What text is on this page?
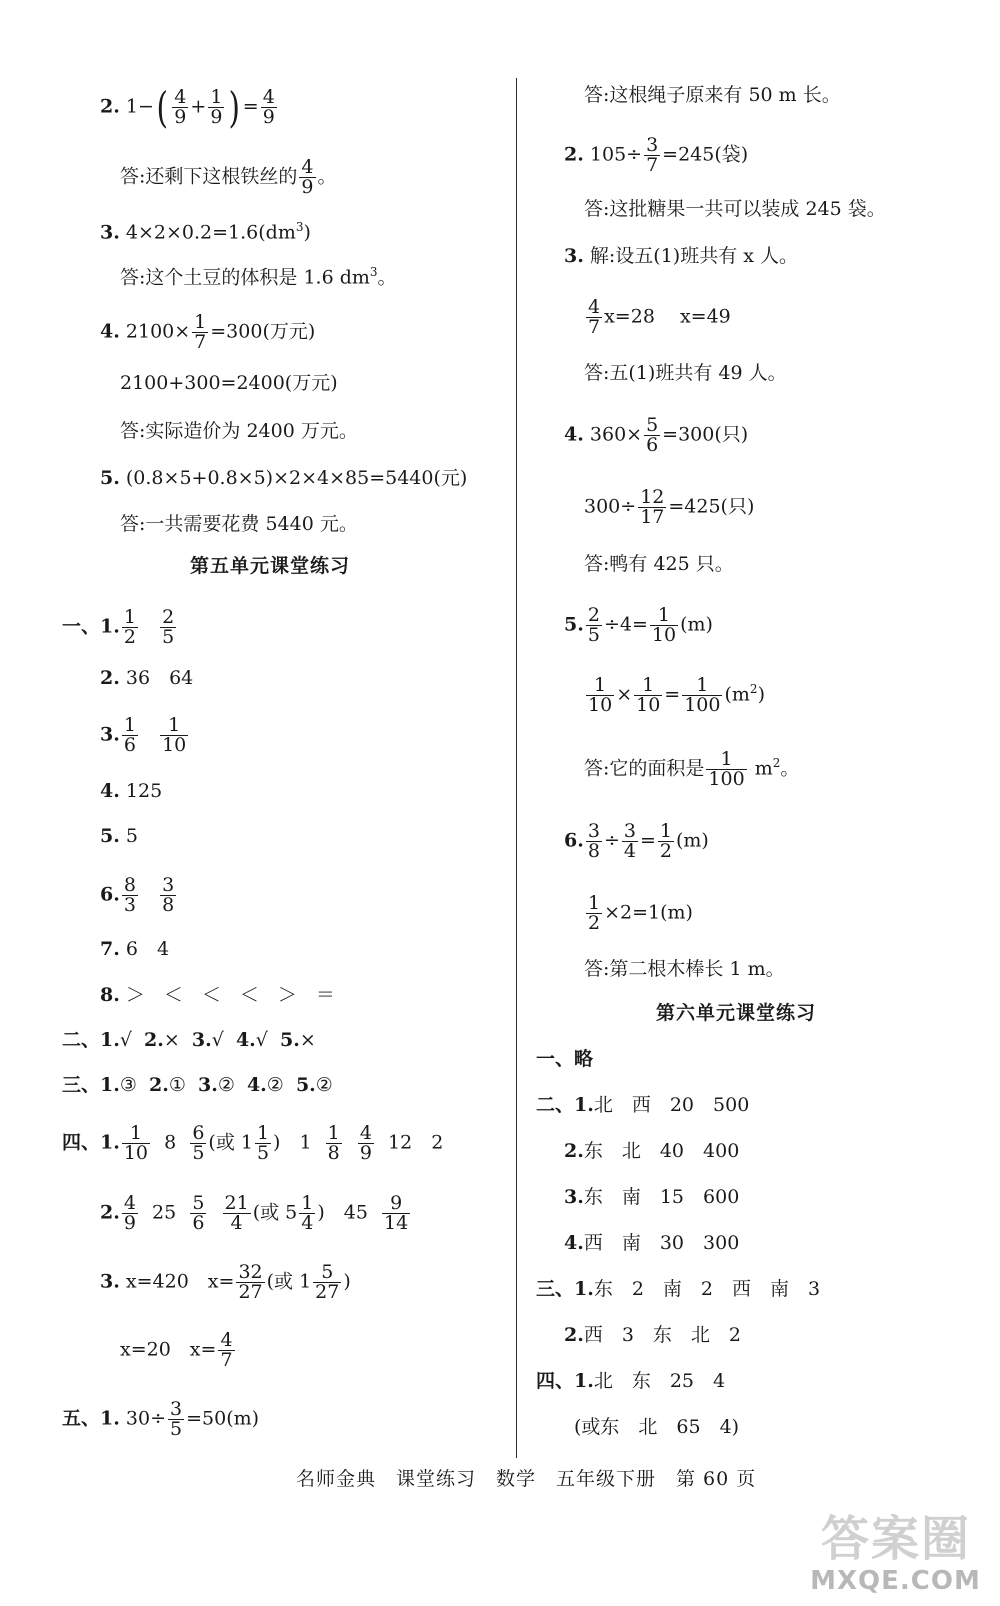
2. $1-( \frac{4}{9} + \frac{1}{9}$ ) = $\frac{4}{9}$
答:还剩下这根铁丝的 $\frac{4}{9}$ 。
3. $4\times 2\times 0.2=1.6(dm^3)$
答:这个土豆的体积是 1.6 $dm^3$。
4. $2100\times \frac{1}{7} =300$(万元)
2100+300=2400(万元)
答:实际造价为 2400 万元。
5. (0.8×5+0.8×5)×2×4×85=5440(元)
答:一共需要花费 5440 元。
第五单元课堂练习
一、1. $\frac{1}{2}$
$\frac{2}{5}$
2. 36　64
3. $\frac{1}{6}$
$\frac{1}{10}$
4. 125
5. 5
6. $\frac{8}{3}$
$\frac{3}{8}$
7. 6　4
8. ＞　＜　＜　＜　＞　＝
二、1.√ 2.× 3.√ 4.√ 5.×
三、1.③ 2.① 3.② 4.② 5.②
四、1. $\frac{1}{10} 8 \frac{6}{5}$ (或 $1 \frac{1}{5}$ )　$1 \frac{1}{8}$
$\frac{4}{9} 12$　2
2. $\frac{4}{9} 25 \frac{5}{6}$
$\frac{21}{4}$ (或 $5 \frac{1}{4}$ )　$45 \frac{9}{14}$
3. x=420　$x= \frac{32}{27}$ (或 $1 \frac{5}{27}$ )
x=20　$x= \frac{4}{7}$
五、1. $30\div \frac{3}{5} =50(m)$
答:这根绳子原来有 50 m 长。
2. $105\div \frac{3}{7} =245$(袋)
答:这批糖果一共可以装成 245 袋。
3. 解:设五(1)班共有 x 人。
$\frac{4}{7} x=28$　 x=49
答:五(1)班共有 49 人。
4. $360\times \frac{5}{6} =300$(只)
$300\div \frac{12}{17} =425$(只)
答:鸭有 425 只。
5. $\frac{2}{5} \div 4= \frac{1}{10} (m)$
$\frac{1}{10} \times \frac{1}{10} = \frac{1}{100} (m^2)$
答:它的面积是 $\frac{1}{100} m^2$。
6. $\frac{3}{8} \div \frac{3}{4} = \frac{1}{2} (m)$
$\frac{1}{2} \times 2=1(m)$
答:第二根木棒长 1 m。
第六单元课堂练习
一、略
二、1.北　西　20　500
2.东　北　40　400
3.东　南　15　600
4.西　南　30　300
三、1.东　2　南　2　西　南　3
2.西　3　东　北　2
四、1.北　东　25　4
(或东　北　65　4)
名师金典　课堂练习　数学　五年级下册　第 60 页
答案圈
MXQE.COM
